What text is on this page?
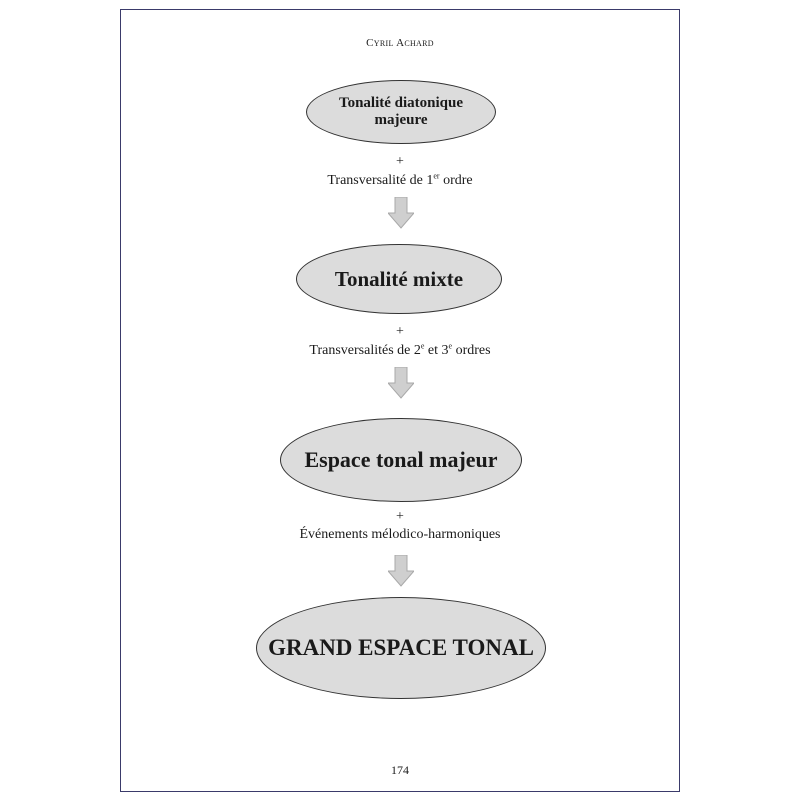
Cyril Achard
Tonalité diatonique
majeure
+
Transversalité de 1er ordre
Tonalité mixte
+
Transversalités de 2e et 3e ordres
Espace tonal majeur
+
Événements mélodico-harmoniques
GRAND ESPACE TONAL
174
